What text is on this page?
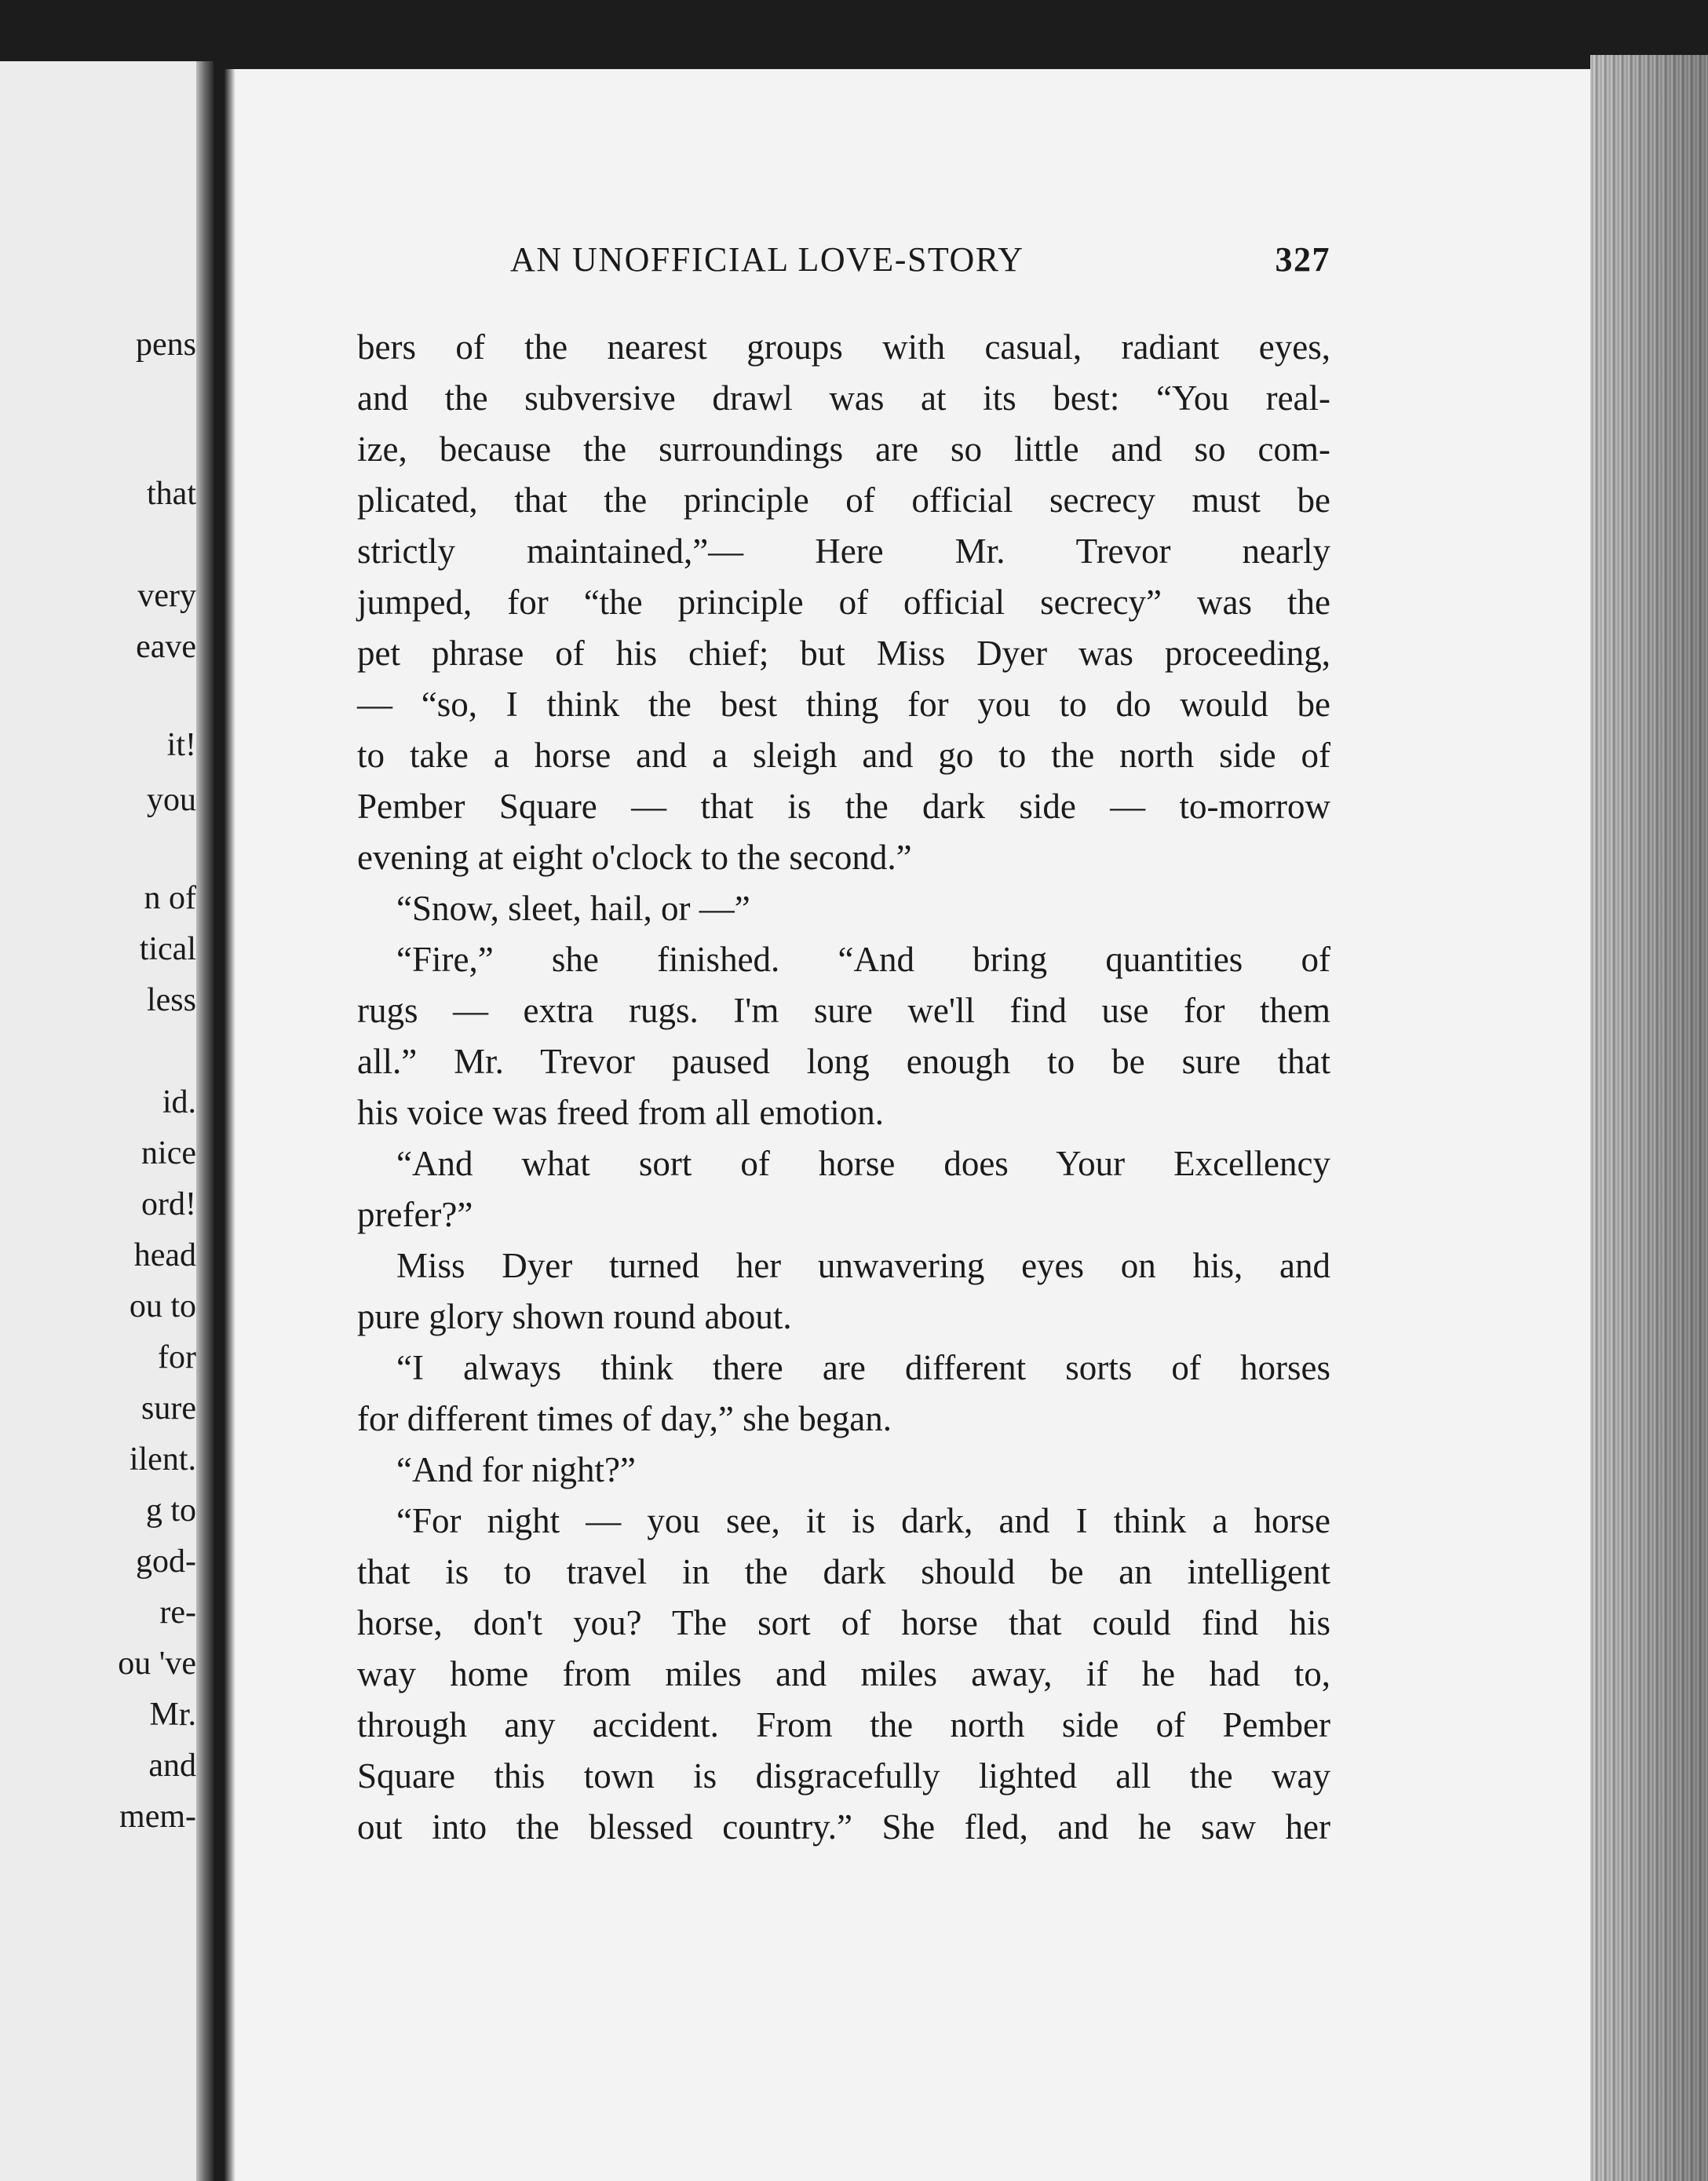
pens
that
very
eave
it!
you
n of
tical
less
id.
nice
ord!
head
ou to
for
sure
ilent.
g to
god-
re-
ou 've
Mr.
and
mem-
AN UNOFFICIAL LOVE-STORY	327
bers of the nearest groups with casual, radiant eyes,
and the subversive drawl was at its best: “You real-
ize, because the surroundings are so little and so com-
plicated, that the principle of official secrecy must be
strictly maintained,”— Here Mr. Trevor nearly
jumped, for “the principle of official secrecy” was the
pet phrase of his chief; but Miss Dyer was proceeding,
— “so, I think the best thing for you to do would be
to take a horse and a sleigh and go to the north side of
Pember Square — that is the dark side — to-morrow
evening at eight o'clock to the second.”
“Snow, sleet, hail, or —”
“Fire,” she finished. “And bring quantities of
rugs — extra rugs. I'm sure we'll find use for them
all.” Mr. Trevor paused long enough to be sure that
his voice was freed from all emotion.
“And what sort of horse does Your Excellency
prefer?”
Miss Dyer turned her unwavering eyes on his, and
pure glory shown round about.
“I always think there are different sorts of horses
for different times of day,” she began.
“And for night?”
“For night — you see, it is dark, and I think a horse
that is to travel in the dark should be an intelligent
horse, don't you? The sort of horse that could find his
way home from miles and miles away, if he had to,
through any accident. From the north side of Pember
Square this town is disgracefully lighted all the way
out into the blessed country.” She fled, and he saw her
